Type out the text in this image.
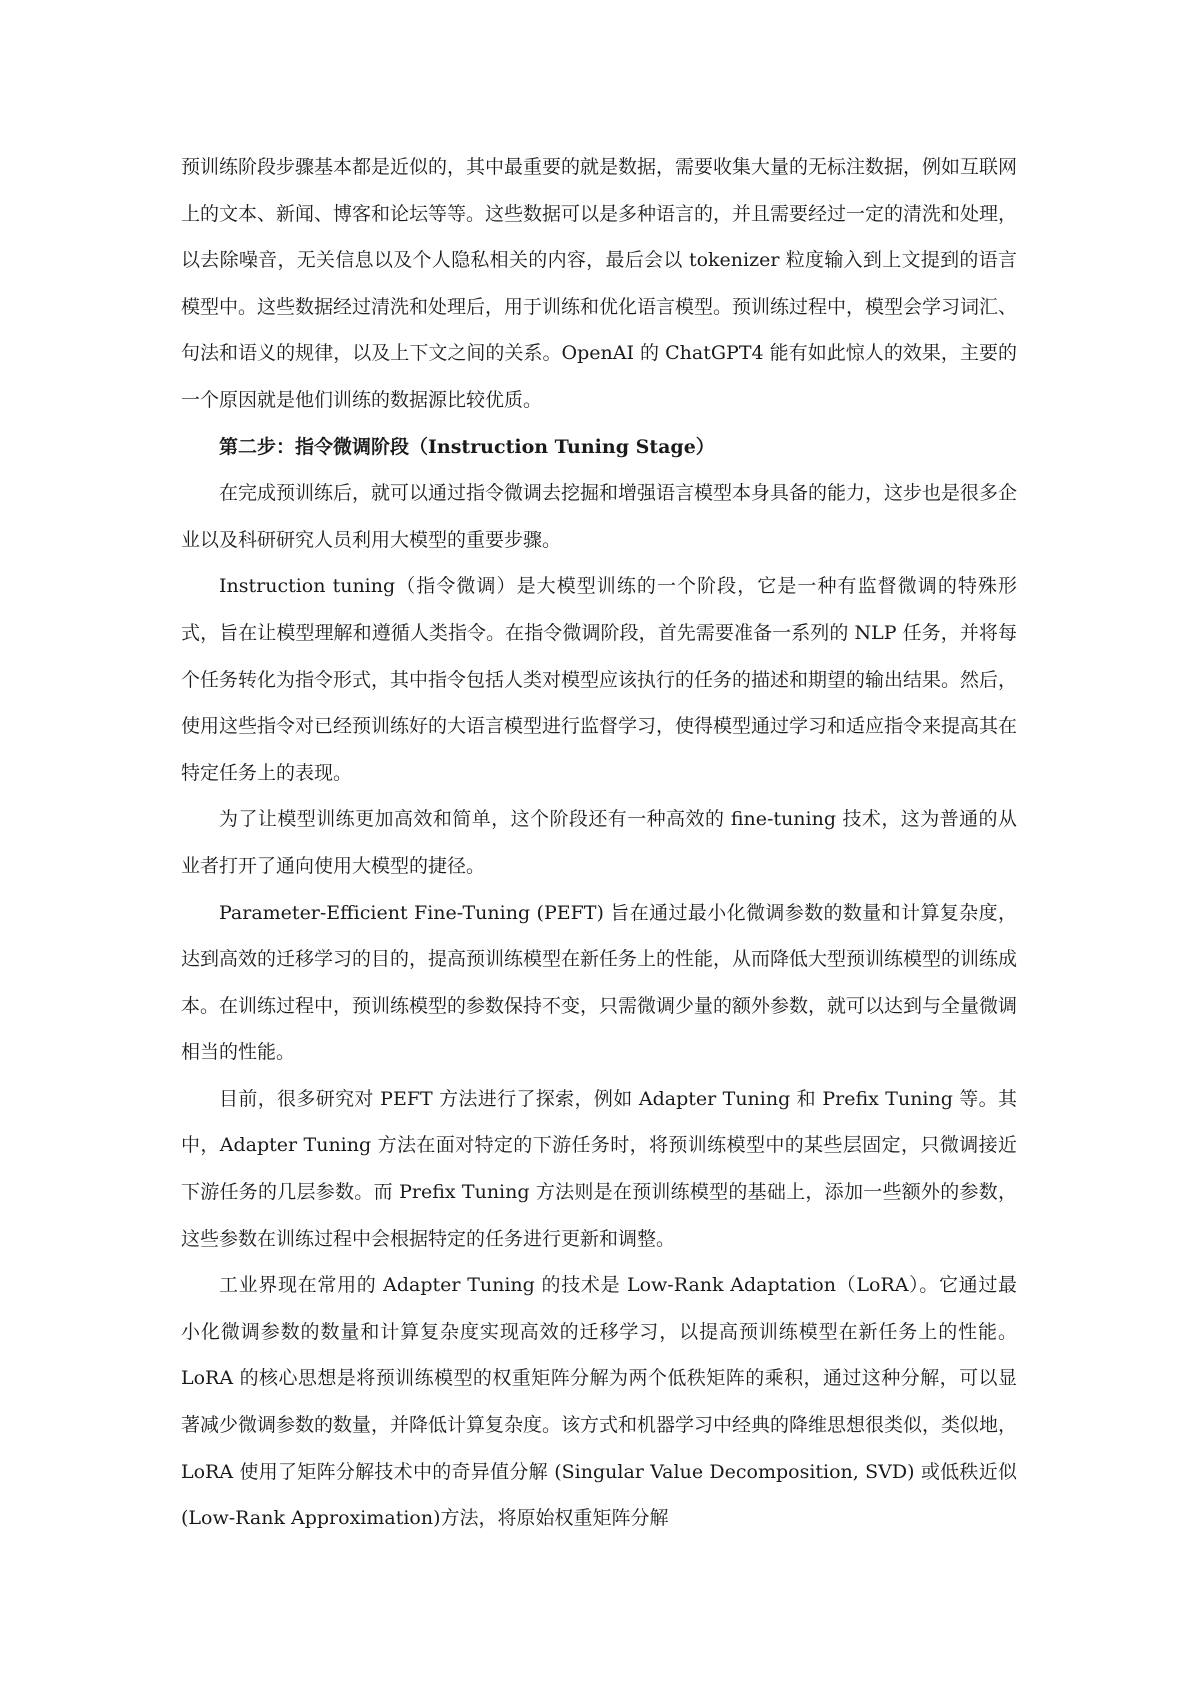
预训练阶段步骤基本都是近似的，其中最重要的就是数据，需要收集大量的无标注数据，例如互联网上的文本、新闻、博客和论坛等等。这些数据可以是多种语言的，并且需要经过一定的清洗和处理，以去除噪音，无关信息以及个人隐私相关的内容，最后会以 tokenizer 粒度输入到上文提到的语言模型中。这些数据经过清洗和处理后，用于训练和优化语言模型。预训练过程中，模型会学习词汇、句法和语义的规律，以及上下文之间的关系。OpenAI 的 ChatGPT4 能有如此惊人的效果，主要的一个原因就是他们训练的数据源比较优质。

第二步：指令微调阶段（Instruction Tuning Stage）

在完成预训练后，就可以通过指令微调去挖掘和增强语言模型本身具备的能力，这步也是很多企业以及科研研究人员利用大模型的重要步骤。

Instruction tuning（指令微调）是大模型训练的一个阶段，它是一种有监督微调的特殊形式，旨在让模型理解和遵循人类指令。在指令微调阶段，首先需要准备一系列的 NLP 任务，并将每个任务转化为指令形式，其中指令包括人类对模型应该执行的任务的描述和期望的输出结果。然后，使用这些指令对已经预训练好的大语言模型进行监督学习，使得模型通过学习和适应指令来提高其在特定任务上的表现。

为了让模型训练更加高效和简单，这个阶段还有一种高效的 fine-tuning 技术，这为普通的从业者打开了通向使用大模型的捷径。

Parameter-Efficient Fine-Tuning (PEFT) 旨在通过最小化微调参数的数量和计算复杂度，达到高效的迁移学习的目的，提高预训练模型在新任务上的性能，从而降低大型预训练模型的训练成本。在训练过程中，预训练模型的参数保持不变，只需微调少量的额外参数，就可以达到与全量微调相当的性能。

目前，很多研究对 PEFT 方法进行了探索，例如 Adapter Tuning 和 Prefix Tuning 等。其中，Adapter Tuning 方法在面对特定的下游任务时，将预训练模型中的某些层固定，只微调接近下游任务的几层参数。而 Prefix Tuning 方法则是在预训练模型的基础上，添加一些额外的参数，这些参数在训练过程中会根据特定的任务进行更新和调整。

工业界现在常用的 Adapter Tuning 的技术是 Low-Rank Adaptation（LoRA）。它通过最小化微调参数的数量和计算复杂度实现高效的迁移学习，以提高预训练模型在新任务上的性能。LoRA 的核心思想是将预训练模型的权重矩阵分解为两个低秩矩阵的乘积，通过这种分解，可以显著减少微调参数的数量，并降低计算复杂度。该方式和机器学习中经典的降维思想很类似，类似地，LoRA 使用了矩阵分解技术中的奇异值分解 (Singular Value Decomposition, SVD) 或低秩近似 (Low-Rank Approximation)方法，将原始权重矩阵分解
